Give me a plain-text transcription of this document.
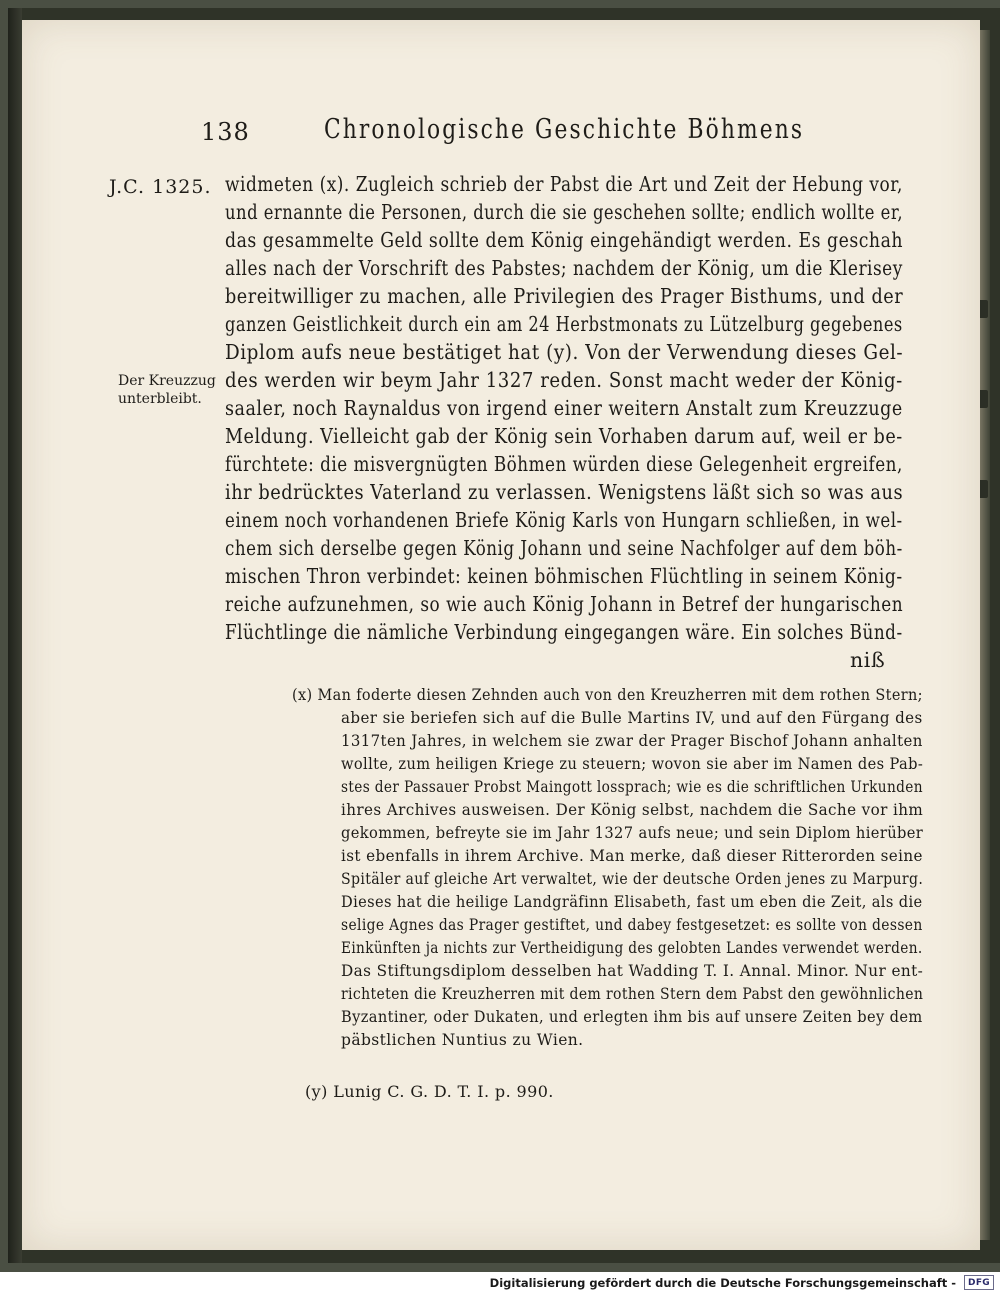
138	Chronologische Geschichte Böhmens
J.C. 1325.
Der Kreuzzug
unterbleibt.
widmeten (x). Zugleich schrieb der Pabst die Art und Zeit der Hebung vor,
und ernannte die Personen, durch die sie geschehen sollte; endlich wollte er,
das gesammelte Geld sollte dem König eingehändigt werden. Es geschah
alles nach der Vorschrift des Pabstes; nachdem der König, um die Klerisey
bereitwilliger zu machen, alle Privilegien des Prager Bisthums, und der
ganzen Geistlichkeit durch ein am 24 Herbstmonats zu Lützelburg gegebenes
Diplom aufs neue bestätiget hat (y). Von der Verwendung dieses Gel-
des werden wir beym Jahr 1327 reden. Sonst macht weder der König-
saaler, noch Raynaldus von irgend einer weitern Anstalt zum Kreuzzuge
Meldung. Vielleicht gab der König sein Vorhaben darum auf, weil er be-
fürchtete: die misvergnügten Böhmen würden diese Gelegenheit ergreifen,
ihr bedrücktes Vaterland zu verlassen. Wenigstens läßt sich so was aus
einem noch vorhandenen Briefe König Karls von Hungarn schließen, in wel-
chem sich derselbe gegen König Johann und seine Nachfolger auf dem böh-
mischen Thron verbindet: keinen böhmischen Flüchtling in seinem König-
reiche aufzunehmen, so wie auch König Johann in Betref der hungarischen
Flüchtlinge die nämliche Verbindung eingegangen wäre. Ein solches Bünd-
niß
(x) Man foderte diesen Zehnden auch von den Kreuzherren mit dem rothen Stern;
aber sie beriefen sich auf die Bulle Martins IV, und auf den Fürgang des
1317ten Jahres, in welchem sie zwar der Prager Bischof Johann anhalten
wollte, zum heiligen Kriege zu steuern; wovon sie aber im Namen des Pab-
stes der Passauer Probst Maingott lossprach; wie es die schriftlichen Urkunden
ihres Archives ausweisen. Der König selbst, nachdem die Sache vor ihm
gekommen, befreyte sie im Jahr 1327 aufs neue; und sein Diplom hierüber
ist ebenfalls in ihrem Archive. Man merke, daß dieser Ritterorden seine
Spitäler auf gleiche Art verwaltet, wie der deutsche Orden jenes zu Marpurg.
Dieses hat die heilige Landgräfinn Elisabeth, fast um eben die Zeit, als die
selige Agnes das Prager gestiftet, und dabey festgesetzet: es sollte von dessen
Einkünften ja nichts zur Vertheidigung des gelobten Landes verwendet werden.
Das Stiftungsdiplom desselben hat Wadding T. I. Annal. Minor. Nur ent-
richteten die Kreuzherren mit dem rothen Stern dem Pabst den gewöhnlichen
Byzantiner, oder Dukaten, und erlegten ihm bis auf unsere Zeiten bey dem
päbstlichen Nuntius zu Wien.
(y) Lunig C. G. D. T. I. p. 990.
Digitalisierung gefördert durch die Deutsche Forschungsgemeinschaft -	DFG
